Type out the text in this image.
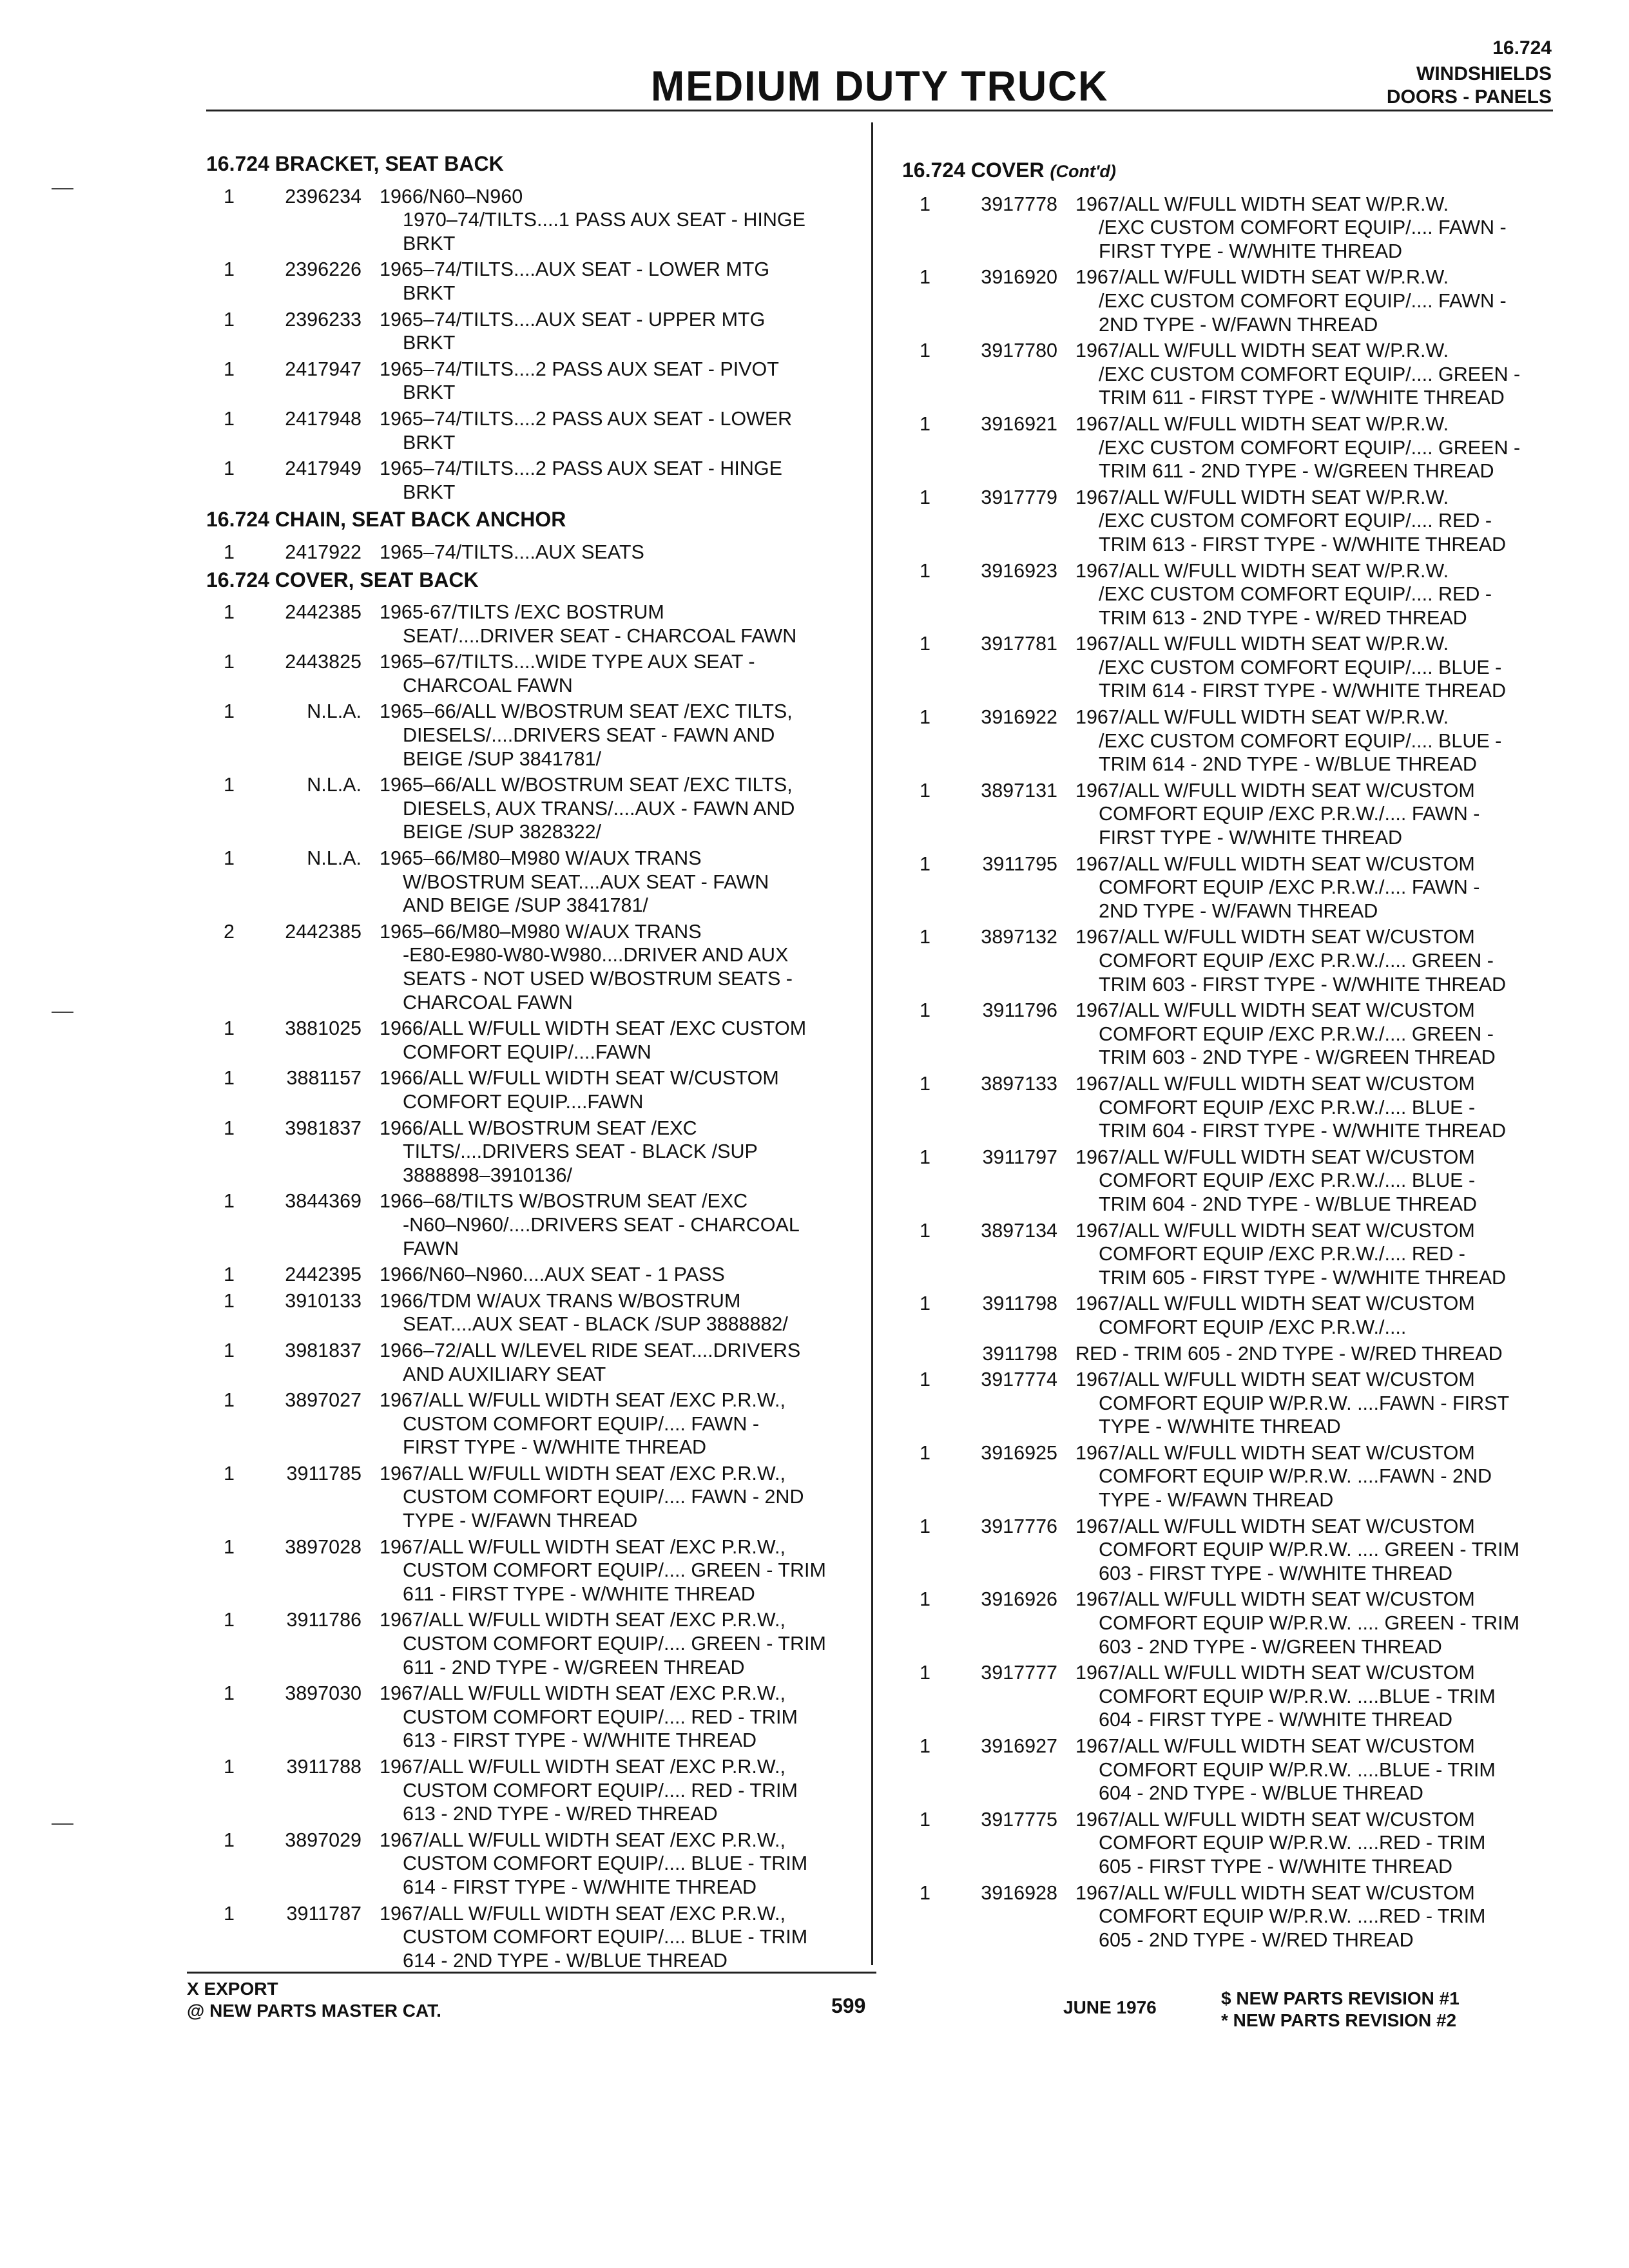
MEDIUM DUTY TRUCK
16.724
WINDSHIELDS
DOORS - PANELS
16.724 BRACKET, SEAT BACK
1	2396234 1966/N60–N960
1970–74/TILTS....1 PASS AUX SEAT - HINGE
BRKT
1	2396226 1965–74/TILTS....AUX SEAT - LOWER MTG
BRKT
1	2396233 1965–74/TILTS....AUX SEAT - UPPER MTG
BRKT
1	2417947 1965–74/TILTS....2 PASS AUX SEAT - PIVOT
BRKT
1	2417948 1965–74/TILTS....2 PASS AUX SEAT - LOWER
BRKT
1	2417949 1965–74/TILTS....2 PASS AUX SEAT - HINGE
BRKT
16.724 CHAIN, SEAT BACK ANCHOR
1	2417922 1965–74/TILTS....AUX SEATS
16.724 COVER, SEAT BACK
1	2442385 1965-67/TILTS /EXC BOSTRUM
SEAT/....DRIVER SEAT - CHARCOAL FAWN
1	2443825 1965–67/TILTS....WIDE TYPE AUX SEAT -
CHARCOAL FAWN
1	N.L.A. 1965–66/ALL W/BOSTRUM SEAT /EXC TILTS,
DIESELS/....DRIVERS SEAT - FAWN AND
BEIGE /SUP 3841781/
1	N.L.A. 1965–66/ALL W/BOSTRUM SEAT /EXC TILTS,
DIESELS, AUX TRANS/....AUX - FAWN AND
BEIGE /SUP 3828322/
1	N.L.A. 1965–66/M80–M980 W/AUX TRANS
W/BOSTRUM SEAT....AUX SEAT - FAWN
AND BEIGE /SUP 3841781/
2	2442385 1965–66/M80–M980 W/AUX TRANS
-E80-E980-W80-W980....DRIVER AND AUX
SEATS - NOT USED W/BOSTRUM SEATS -
CHARCOAL FAWN
1	3881025 1966/ALL W/FULL WIDTH SEAT /EXC CUSTOM
COMFORT EQUIP/....FAWN
1	3881157 1966/ALL W/FULL WIDTH SEAT W/CUSTOM
COMFORT EQUIP....FAWN
1	3981837 1966/ALL W/BOSTRUM SEAT /EXC
TILTS/....DRIVERS SEAT - BLACK /SUP
3888898–3910136/
1	3844369 1966–68/TILTS W/BOSTRUM SEAT /EXC
-N60–N960/....DRIVERS SEAT - CHARCOAL
FAWN
1	2442395 1966/N60–N960....AUX SEAT - 1 PASS
1	3910133 1966/TDM W/AUX TRANS W/BOSTRUM
SEAT....AUX SEAT - BLACK /SUP 3888882/
1	3981837 1966–72/ALL W/LEVEL RIDE SEAT....DRIVERS
AND AUXILIARY SEAT
1	3897027 1967/ALL W/FULL WIDTH SEAT /EXC P.R.W.,
CUSTOM COMFORT EQUIP/.... FAWN -
FIRST TYPE - W/WHITE THREAD
1	3911785 1967/ALL W/FULL WIDTH SEAT /EXC P.R.W.,
CUSTOM COMFORT EQUIP/.... FAWN - 2ND
TYPE - W/FAWN THREAD
1	3897028 1967/ALL W/FULL WIDTH SEAT /EXC P.R.W.,
CUSTOM COMFORT EQUIP/.... GREEN - TRIM
611 - FIRST TYPE - W/WHITE THREAD
1	3911786 1967/ALL W/FULL WIDTH SEAT /EXC P.R.W.,
CUSTOM COMFORT EQUIP/.... GREEN - TRIM
611 - 2ND TYPE - W/GREEN THREAD
1	3897030 1967/ALL W/FULL WIDTH SEAT /EXC P.R.W.,
CUSTOM COMFORT EQUIP/.... RED - TRIM
613 - FIRST TYPE - W/WHITE THREAD
1	3911788 1967/ALL W/FULL WIDTH SEAT /EXC P.R.W.,
CUSTOM COMFORT EQUIP/.... RED - TRIM
613 - 2ND TYPE - W/RED THREAD
1	3897029 1967/ALL W/FULL WIDTH SEAT /EXC P.R.W.,
CUSTOM COMFORT EQUIP/.... BLUE - TRIM
614 - FIRST TYPE - W/WHITE THREAD
1	3911787 1967/ALL W/FULL WIDTH SEAT /EXC P.R.W.,
CUSTOM COMFORT EQUIP/.... BLUE - TRIM
614 - 2ND TYPE - W/BLUE THREAD
16.724 COVER (Cont'd)
1	3917778 1967/ALL W/FULL WIDTH SEAT W/P.R.W.
/EXC CUSTOM COMFORT EQUIP/.... FAWN -
FIRST TYPE - W/WHITE THREAD
1	3916920 1967/ALL W/FULL WIDTH SEAT W/P.R.W.
/EXC CUSTOM COMFORT EQUIP/.... FAWN -
2ND TYPE - W/FAWN THREAD
1	3917780 1967/ALL W/FULL WIDTH SEAT W/P.R.W.
/EXC CUSTOM COMFORT EQUIP/.... GREEN -
TRIM 611 - FIRST TYPE - W/WHITE THREAD
1	3916921 1967/ALL W/FULL WIDTH SEAT W/P.R.W.
/EXC CUSTOM COMFORT EQUIP/.... GREEN -
TRIM 611 - 2ND TYPE - W/GREEN THREAD
1	3917779 1967/ALL W/FULL WIDTH SEAT W/P.R.W.
/EXC CUSTOM COMFORT EQUIP/.... RED -
TRIM 613 - FIRST TYPE - W/WHITE THREAD
1	3916923 1967/ALL W/FULL WIDTH SEAT W/P.R.W.
/EXC CUSTOM COMFORT EQUIP/.... RED -
TRIM 613 - 2ND TYPE - W/RED THREAD
1	3917781 1967/ALL W/FULL WIDTH SEAT W/P.R.W.
/EXC CUSTOM COMFORT EQUIP/.... BLUE -
TRIM 614 - FIRST TYPE - W/WHITE THREAD
1	3916922 1967/ALL W/FULL WIDTH SEAT W/P.R.W.
/EXC CUSTOM COMFORT EQUIP/.... BLUE -
TRIM 614 - 2ND TYPE - W/BLUE THREAD
1	3897131 1967/ALL W/FULL WIDTH SEAT W/CUSTOM
COMFORT EQUIP /EXC P.R.W./.... FAWN -
FIRST TYPE - W/WHITE THREAD
1	3911795 1967/ALL W/FULL WIDTH SEAT W/CUSTOM
COMFORT EQUIP /EXC P.R.W./.... FAWN -
2ND TYPE - W/FAWN THREAD
1	3897132 1967/ALL W/FULL WIDTH SEAT W/CUSTOM
COMFORT EQUIP /EXC P.R.W./.... GREEN -
TRIM 603 - FIRST TYPE - W/WHITE THREAD
1	3911796 1967/ALL W/FULL WIDTH SEAT W/CUSTOM
COMFORT EQUIP /EXC P.R.W./.... GREEN -
TRIM 603 - 2ND TYPE - W/GREEN THREAD
1	3897133 1967/ALL W/FULL WIDTH SEAT W/CUSTOM
COMFORT EQUIP /EXC P.R.W./.... BLUE -
TRIM 604 - FIRST TYPE - W/WHITE THREAD
1	3911797 1967/ALL W/FULL WIDTH SEAT W/CUSTOM
COMFORT EQUIP /EXC P.R.W./.... BLUE -
TRIM 604 - 2ND TYPE - W/BLUE THREAD
1	3897134 1967/ALL W/FULL WIDTH SEAT W/CUSTOM
COMFORT EQUIP /EXC P.R.W./.... RED -
TRIM 605 - FIRST TYPE - W/WHITE THREAD
1	3911798 1967/ALL W/FULL WIDTH SEAT W/CUSTOM
COMFORT EQUIP /EXC P.R.W./....
3911798 RED - TRIM 605 - 2ND TYPE - W/RED THREAD
1	3917774 1967/ALL W/FULL WIDTH SEAT W/CUSTOM
COMFORT EQUIP W/P.R.W. ....FAWN - FIRST
TYPE - W/WHITE THREAD
1	3916925 1967/ALL W/FULL WIDTH SEAT W/CUSTOM
COMFORT EQUIP W/P.R.W. ....FAWN - 2ND
TYPE - W/FAWN THREAD
1	3917776 1967/ALL W/FULL WIDTH SEAT W/CUSTOM
COMFORT EQUIP W/P.R.W. .... GREEN - TRIM
603 - FIRST TYPE - W/WHITE THREAD
1	3916926 1967/ALL W/FULL WIDTH SEAT W/CUSTOM
COMFORT EQUIP W/P.R.W. .... GREEN - TRIM
603 - 2ND TYPE - W/GREEN THREAD
1	3917777 1967/ALL W/FULL WIDTH SEAT W/CUSTOM
COMFORT EQUIP W/P.R.W. ....BLUE - TRIM
604 - FIRST TYPE - W/WHITE THREAD
1	3916927 1967/ALL W/FULL WIDTH SEAT W/CUSTOM
COMFORT EQUIP W/P.R.W. ....BLUE - TRIM
604 - 2ND TYPE - W/BLUE THREAD
1	3917775 1967/ALL W/FULL WIDTH SEAT W/CUSTOM
COMFORT EQUIP W/P.R.W. ....RED - TRIM
605 - FIRST TYPE - W/WHITE THREAD
1	3916928 1967/ALL W/FULL WIDTH SEAT W/CUSTOM
COMFORT EQUIP W/P.R.W. ....RED - TRIM
605 - 2ND TYPE - W/RED THREAD
X EXPORT
@ NEW PARTS MASTER CAT.	599	JUNE 1976	$ NEW PARTS REVISION #1
* NEW PARTS REVISION #2
